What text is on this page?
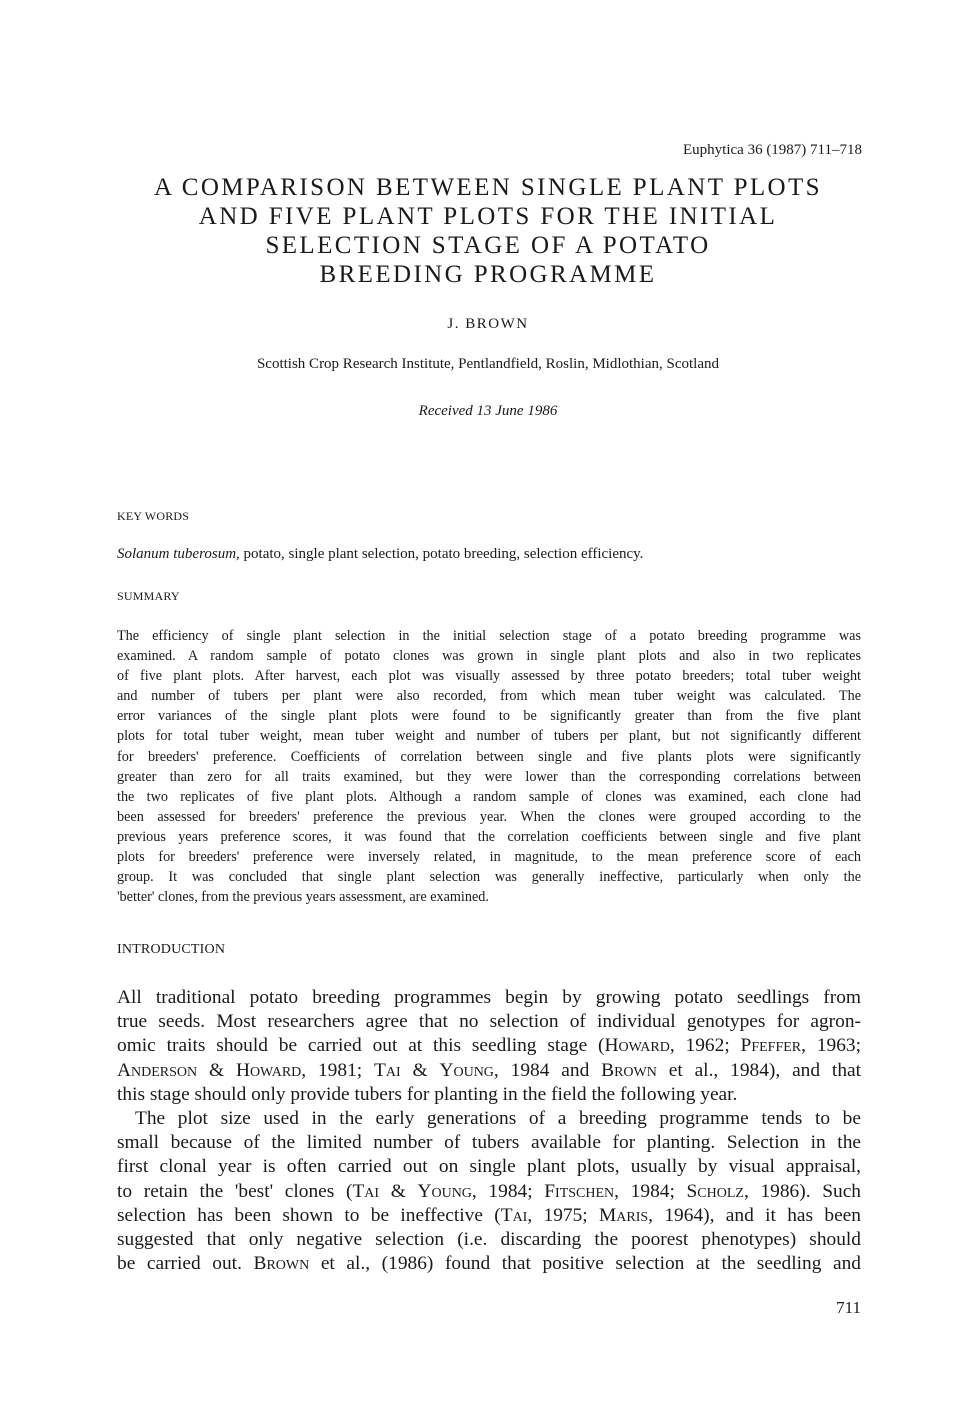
Euphytica 36 (1987) 711–718
A COMPARISON BETWEEN SINGLE PLANT PLOTS
AND FIVE PLANT PLOTS FOR THE INITIAL
SELECTION STAGE OF A POTATO
BREEDING PROGRAMME
J. BROWN
Scottish Crop Research Institute, Pentlandfield, Roslin, Midlothian, Scotland
Received 13 June 1986
KEY WORDS
Solanum tuberosum, potato, single plant selection, potato breeding, selection efficiency.
SUMMARY
The efficiency of single plant selection in the initial selection stage of a potato breeding programme was
examined. A random sample of potato clones was grown in single plant plots and also in two replicates
of five plant plots. After harvest, each plot was visually assessed by three potato breeders; total tuber weight
and number of tubers per plant were also recorded, from which mean tuber weight was calculated. The
error variances of the single plant plots were found to be significantly greater than from the five plant
plots for total tuber weight, mean tuber weight and number of tubers per plant, but not significantly different
for breeders' preference. Coefficients of correlation between single and five plants plots were significantly
greater than zero for all traits examined, but they were lower than the corresponding correlations between
the two replicates of five plant plots. Although a random sample of clones was examined, each clone had
been assessed for breeders' preference the previous year. When the clones were grouped according to the
previous years preference scores, it was found that the correlation coefficients between single and five plant
plots for breeders' preference were inversely related, in magnitude, to the mean preference score of each
group. It was concluded that single plant selection was generally ineffective, particularly when only the
'better' clones, from the previous years assessment, are examined.
INTRODUCTION
All traditional potato breeding programmes begin by growing potato seedlings from
true seeds. Most researchers agree that no selection of individual genotypes for agron-
omic traits should be carried out at this seedling stage (Howard, 1962; Pfeffer, 1963;
Anderson & Howard, 1981; Tai & Young, 1984 and Brown et al., 1984), and that
this stage should only provide tubers for planting in the field the following year.
The plot size used in the early generations of a breeding programme tends to be
small because of the limited number of tubers available for planting. Selection in the
first clonal year is often carried out on single plant plots, usually by visual appraisal,
to retain the 'best' clones (Tai & Young, 1984; Fitschen, 1984; Scholz, 1986). Such
selection has been shown to be ineffective (Tai, 1975; Maris, 1964), and it has been
suggested that only negative selection (i.e. discarding the poorest phenotypes) should
be carried out. Brown et al., (1986) found that positive selection at the seedling and
711
